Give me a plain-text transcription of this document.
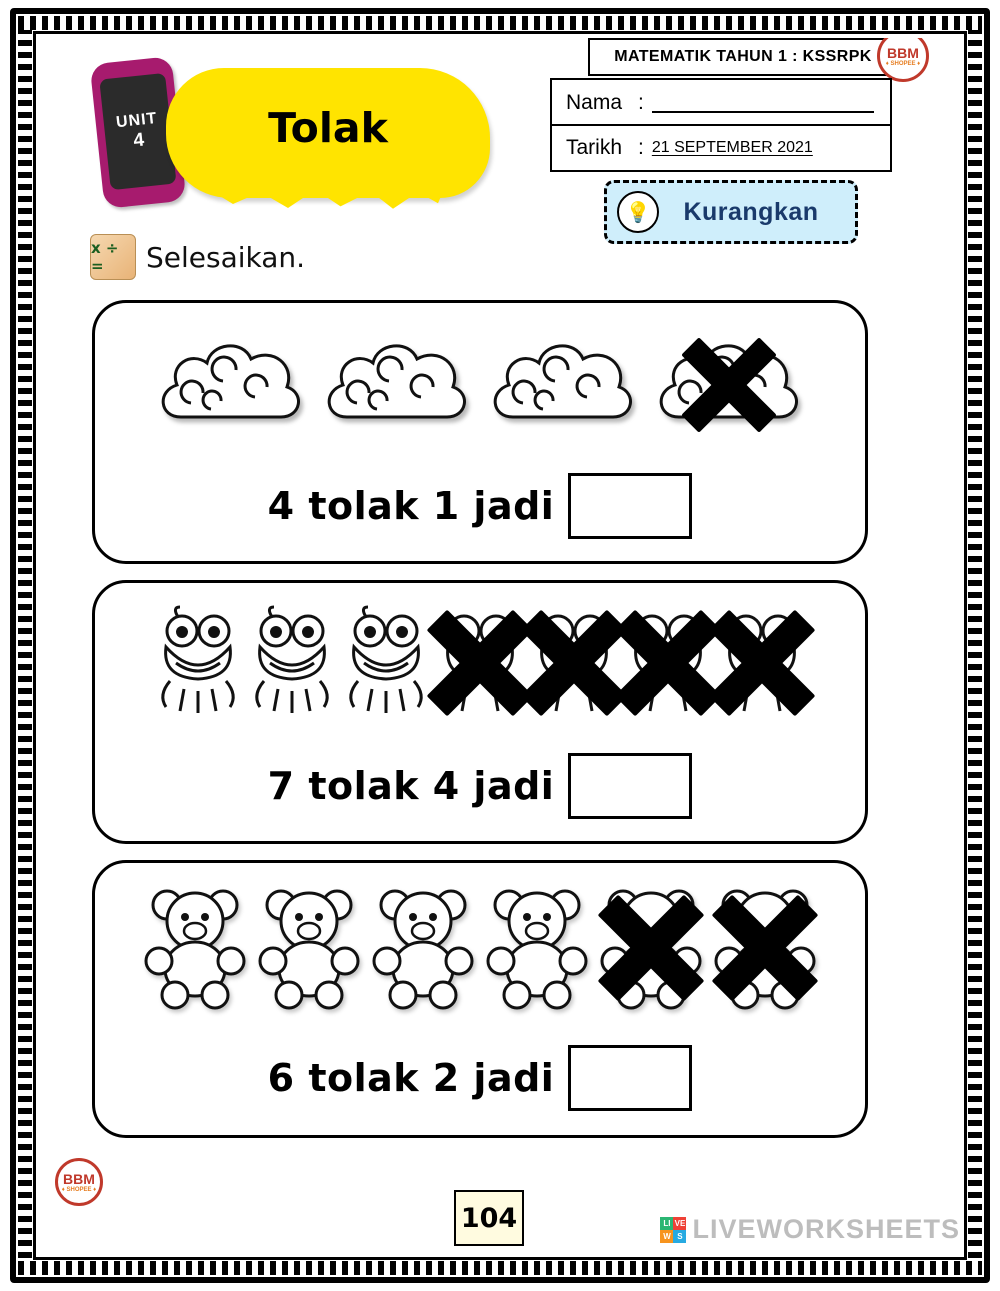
MATEMATIK TAHUN 1 : KSSRPK	BBM
♦ SHOPEE ♦
Nama :
Tarikh : 21 SEPTEMBER 2021
💡	Kurangkan
UNIT
4	Tolak
x ÷ =	Selesaikan.
4 tolak 1 jadi
7 tolak 4 jadi
6 tolak 2 jadi
BBM
♦ SHOPEE ♦
104	LI VE
W S LIVEWORKSHEETS
